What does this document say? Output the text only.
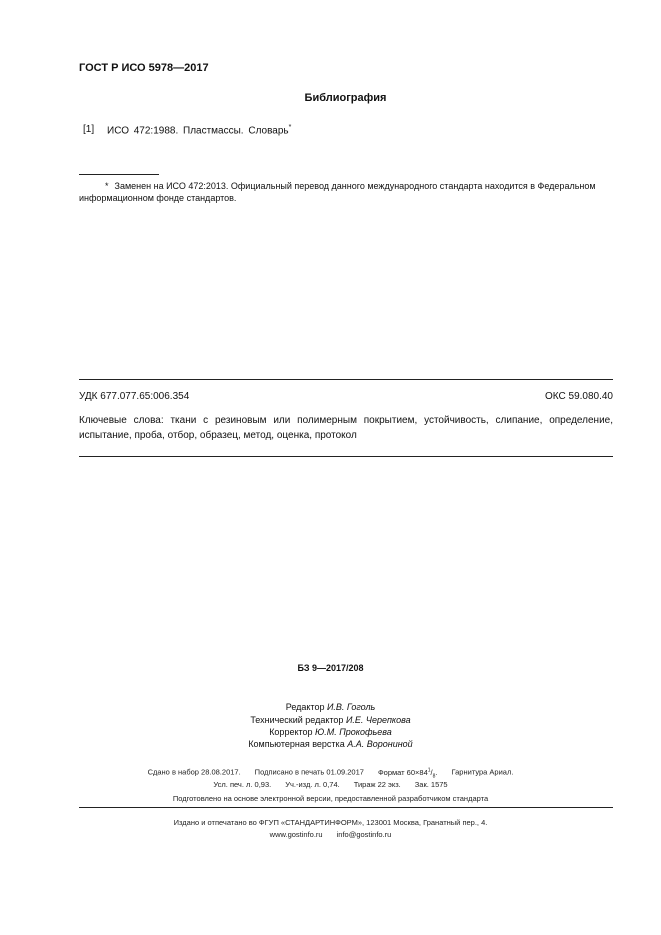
ГОСТ Р ИСО 5978—2017
Библиография
[1] ИСО 472:1988. Пластмассы. Словарь*
* Заменен на ИСО 472:2013. Официальный перевод данного международного стандарта находится в Федеральном информационном фонде стандартов.
УДК 677.077.65:006.354	ОКС 59.080.40
Ключевые слова: ткани с резиновым или полимерным покрытием, устойчивость, слипание, определение, испытание, проба, отбор, образец, метод, оценка, протокол
БЗ 9—2017/208
Редактор И.В. Гоголь
Технический редактор И.Е. Черепкова
Корректор Ю.М. Прокофьева
Компьютерная верстка А.А. Ворониной
Сдано в набор 28.08.2017. Подписано в печать 01.09.2017 Формат $60\times 84^1/_8$. Гарнитура Ариал.
Усл. печ. л. 0,93. Уч.-изд. л. 0,74. Тираж 22 экз. Зак. 1575
Подготовлено на основе электронной версии, предоставленной разработчиком стандарта
Издано и отпечатано во ФГУП «СТАНДАРТИНФОРМ», 123001 Москва, Гранатный пер., 4.
www.gostinfo.ru info@gostinfo.ru
